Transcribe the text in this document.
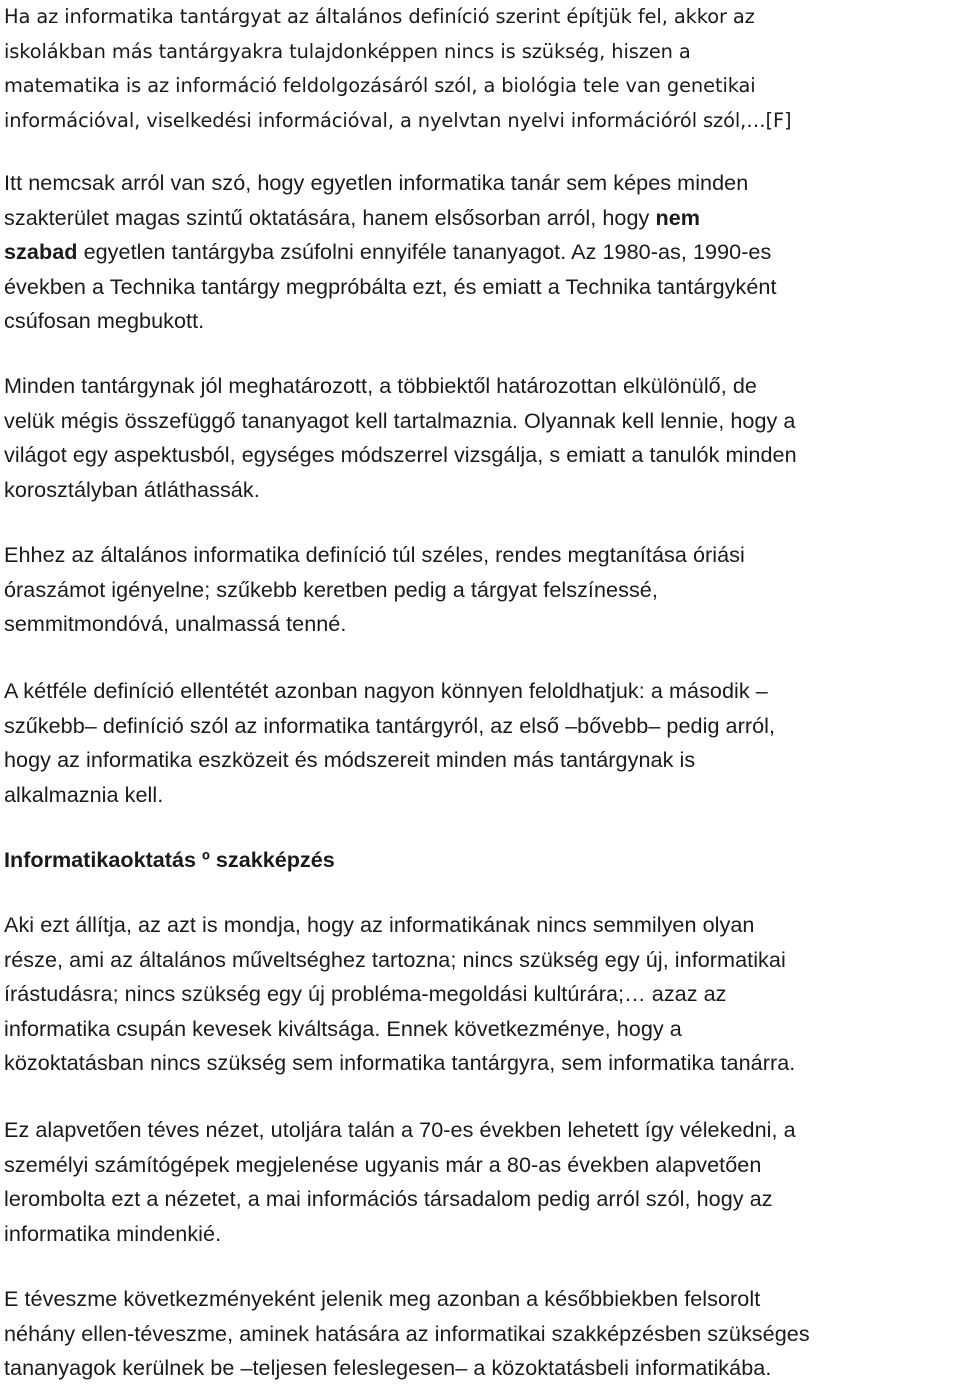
Ha az informatika tantárgyat az általános definíció szerint építjük fel, akkor az
iskolákban más tantárgyakra tulajdonképpen nincs is szükség, hiszen a
matematika is az információ feldolgozásáról szól, a biológia tele van genetikai
információval, viselkedési információval, a nyelvtan nyelvi információról szól,…[F]

Itt nemcsak arról van szó, hogy egyetlen informatika tanár sem képes minden
szakterület magas szintű oktatására, hanem elsősorban arról, hogy nem
szabad egyetlen tantárgyba zsúfolni ennyiféle tananyagot. Az 1980-as, 1990-es
években a Technika tantárgy megpróbálta ezt, és emiatt a Technika tantárgyként
csúfosan megbukott.

Minden tantárgynak jól meghatározott, a többiektől határozottan elkülönülő, de
velük mégis összefüggő tananyagot kell tartalmaznia. Olyannak kell lennie, hogy a
világot egy aspektusból, egységes módszerrel vizsgálja, s emiatt a tanulók minden
korosztályban átláthassák.

Ehhez az általános informatika definíció túl széles, rendes megtanítása óriási
óraszámot igényelne; szűkebb keretben pedig a tárgyat felszínessé,
semmitmondóvá, unalmassá tenné.

A kétféle definíció ellentétét azonban nagyon könnyen feloldhatjuk: a második –
szűkebb– definíció szól az informatika tantárgyról, az első –bővebb– pedig arról,
hogy az informatika eszközeit és módszereit minden más tantárgynak is
alkalmazniа kell.

Informatikaoktatás º szakképzés

Aki ezt állítja, az azt is mondja, hogy az informatikának nincs semmilyen olyan
része, ami az általános műveltséghez tartozna; nincs szükség egy új, informatikai
írástudásra; nincs szükség egy új probléma-megoldási kultúrára;… azaz az
informatika csupán kevesek kiváltsága. Ennek következménye, hogy a
közoktatásban nincs szükség sem informatika tantárgyra, sem informatika tanárra.

Ez alapvetően téves nézet, utoljára talán a 70-es években lehetett így vélekedni, a
személyi számítógépek megjelenése ugyanis már a 80-as években alapvetően
lerombolta ezt a nézetet, a mai információs társadalom pedig arról szól, hogy az
informatika mindenkié.

E téveszme következményeként jelenik meg azonban a későbbiekben felsorolt
néhány ellen-téveszme, aminek hatására az informatikai szakképzésben szükséges
tananyagok kerülnek be –teljesen feleslegesen– a közoktatásbeli informatikába.
